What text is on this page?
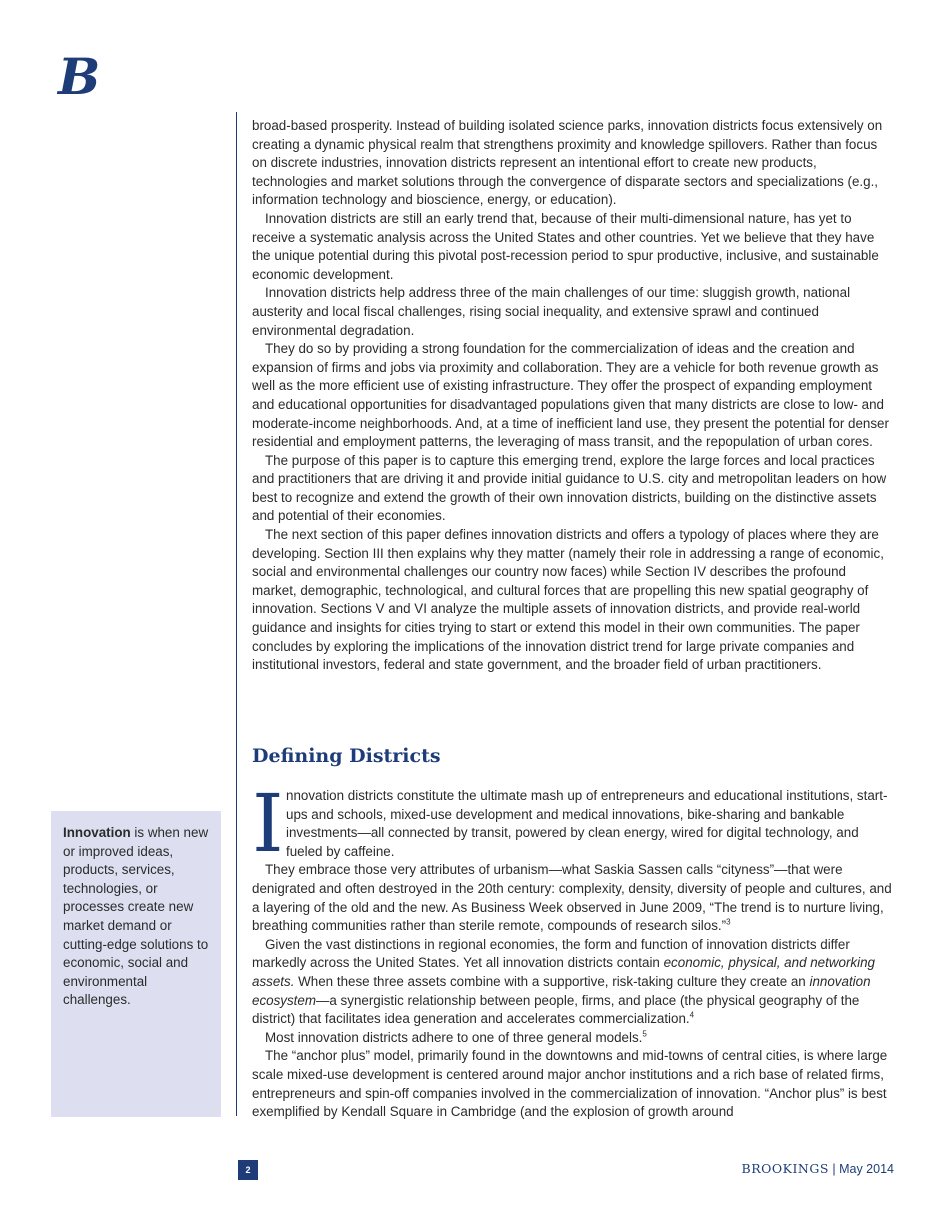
B

broad-based prosperity. Instead of building isolated science parks, innovation districts focus extensively on creating a dynamic physical realm that strengthens proximity and knowledge spillovers. Rather than focus on discrete industries, innovation districts represent an intentional effort to create new products, technologies and market solutions through the convergence of disparate sectors and specializations (e.g., information technology and bioscience, energy, or education).

Innovation districts are still an early trend that, because of their multi-dimensional nature, has yet to receive a systematic analysis across the United States and other countries. Yet we believe that they have the unique potential during this pivotal post-recession period to spur productive, inclusive, and sustainable economic development.

Innovation districts help address three of the main challenges of our time: sluggish growth, national austerity and local fiscal challenges, rising social inequality, and extensive sprawl and continued environmental degradation.

They do so by providing a strong foundation for the commercialization of ideas and the creation and expansion of firms and jobs via proximity and collaboration. They are a vehicle for both revenue growth as well as the more efficient use of existing infrastructure. They offer the prospect of expanding employment and educational opportunities for disadvantaged populations given that many districts are close to low- and moderate-income neighborhoods. And, at a time of inefficient land use, they present the potential for denser residential and employment patterns, the leveraging of mass transit, and the repopulation of urban cores.

The purpose of this paper is to capture this emerging trend, explore the large forces and local practices and practitioners that are driving it and provide initial guidance to U.S. city and metropolitan leaders on how best to recognize and extend the growth of their own innovation districts, building on the distinctive assets and potential of their economies.

The next section of this paper defines innovation districts and offers a typology of places where they are developing. Section III then explains why they matter (namely their role in addressing a range of economic, social and environmental challenges our country now faces) while Section IV describes the profound market, demographic, technological, and cultural forces that are propelling this new spatial geography of innovation. Sections V and VI analyze the multiple assets of innovation districts, and provide real-world guidance and insights for cities trying to start or extend this model in their own communities. The paper concludes by exploring the implications of the innovation district trend for large private companies and institutional investors, federal and state government, and the broader field of urban practitioners.

Defining Districts

I nnovation districts constitute the ultimate mash up of entrepreneurs and educational institutions, start-ups and schools, mixed-use development and medical innovations, bike-sharing and bankable investments—all connected by transit, powered by clean energy, wired for digital technology, and fueled by caffeine.

They embrace those very attributes of urbanism—what Saskia Sassen calls “cityness”—that were denigrated and often destroyed in the 20th century: complexity, density, diversity of people and cultures, and a layering of the old and the new. As Business Week observed in June 2009, “The trend is to nurture living, breathing communities rather than sterile remote, compounds of research silos.”$^3$

Given the vast distinctions in regional economies, the form and function of innovation districts differ markedly across the United States. Yet all innovation districts contain economic, physical, and networking assets. When these three assets combine with a supportive, risk-taking culture they create an innovation ecosystem—a synergistic relationship between people, firms, and place (the physical geography of the district) that facilitates idea generation and accelerates commercialization.$^4$

Most innovation districts adhere to one of three general models.$^5$

The “anchor plus” model, primarily found in the downtowns and mid-towns of central cities, is where large scale mixed-use development is centered around major anchor institutions and a rich base of related firms, entrepreneurs and spin-off companies involved in the commercialization of innovation. “Anchor plus” is best exemplified by Kendall Square in Cambridge (and the explosion of growth around

Innovation is when new or improved ideas, products, services, technologies, or processes create new market demand or cutting-edge solutions to economic, social and environmental challenges.
2	BROOKINGS | May 2014
